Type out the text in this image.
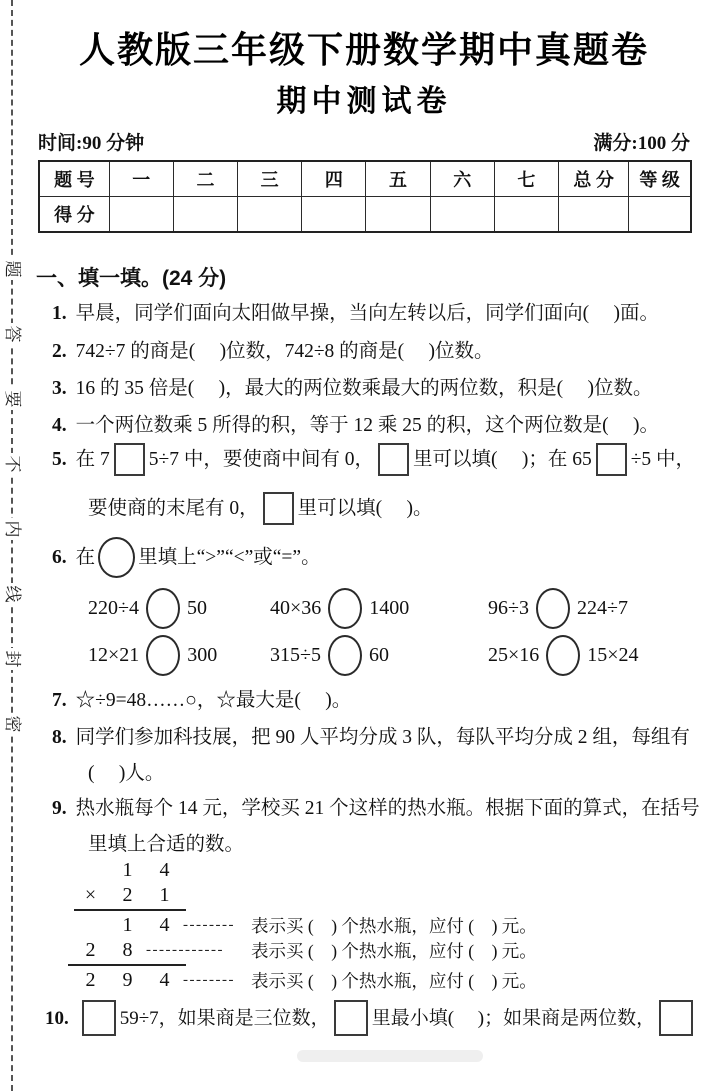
题
答
要
不
内
线
封
密
人教版三年级下册数学期中真题卷
期中测试卷
时间:90 分钟	满分:100 分
题 号	一	二	三	四	五	六	七	总 分	等 级
得 分									
一、填一填。(24 分)
1. 早晨，同学们面向太阳做早操，当向左转以后，同学们面向(     )面。
2. 742÷7 的商是(     )位数，742÷8 的商是(     )位数。
3. 16 的 35 倍是(     )，最大的两位数乘最大的两位数，积是(     )位数。
4. 一个两位数乘 5 所得的积，等于 12 乘 25 的积，这个两位数是(     )。
5. 在 7 5÷7 中，要使商中间有 0， 里可以填(     )；在 65 ÷5 中，
要使商的末尾有 0， 里可以填(     )。
6. 在 里填上“>”“<”或“=”。
220÷4 50	40×36 1400	96÷3 224÷7
12×21 300	315÷5 60	25×16 15×24
7. ☆÷9=48……○，☆最大是(     )。
8. 同学们参加科技展，把 90 人平均分成 3 队，每队平均分成 2 组，每组有
(     )人。
9. 热水瓶每个 14 元，学校买 21 个这样的热水瓶。根据下面的算式，在括号
里填上合适的数。
1	4
×	2	1
1	4 -------- 表示买 (    ) 个热水瓶，应付 (    ) 元。
2	8 ------------	表示买 (    ) 个热水瓶，应付 (    ) 元。
2	9	4 -------- 表示买 (    ) 个热水瓶，应付 (    ) 元。
10.	59÷7，如果商是三位数， 里最小填(     )；如果商是两位数，
